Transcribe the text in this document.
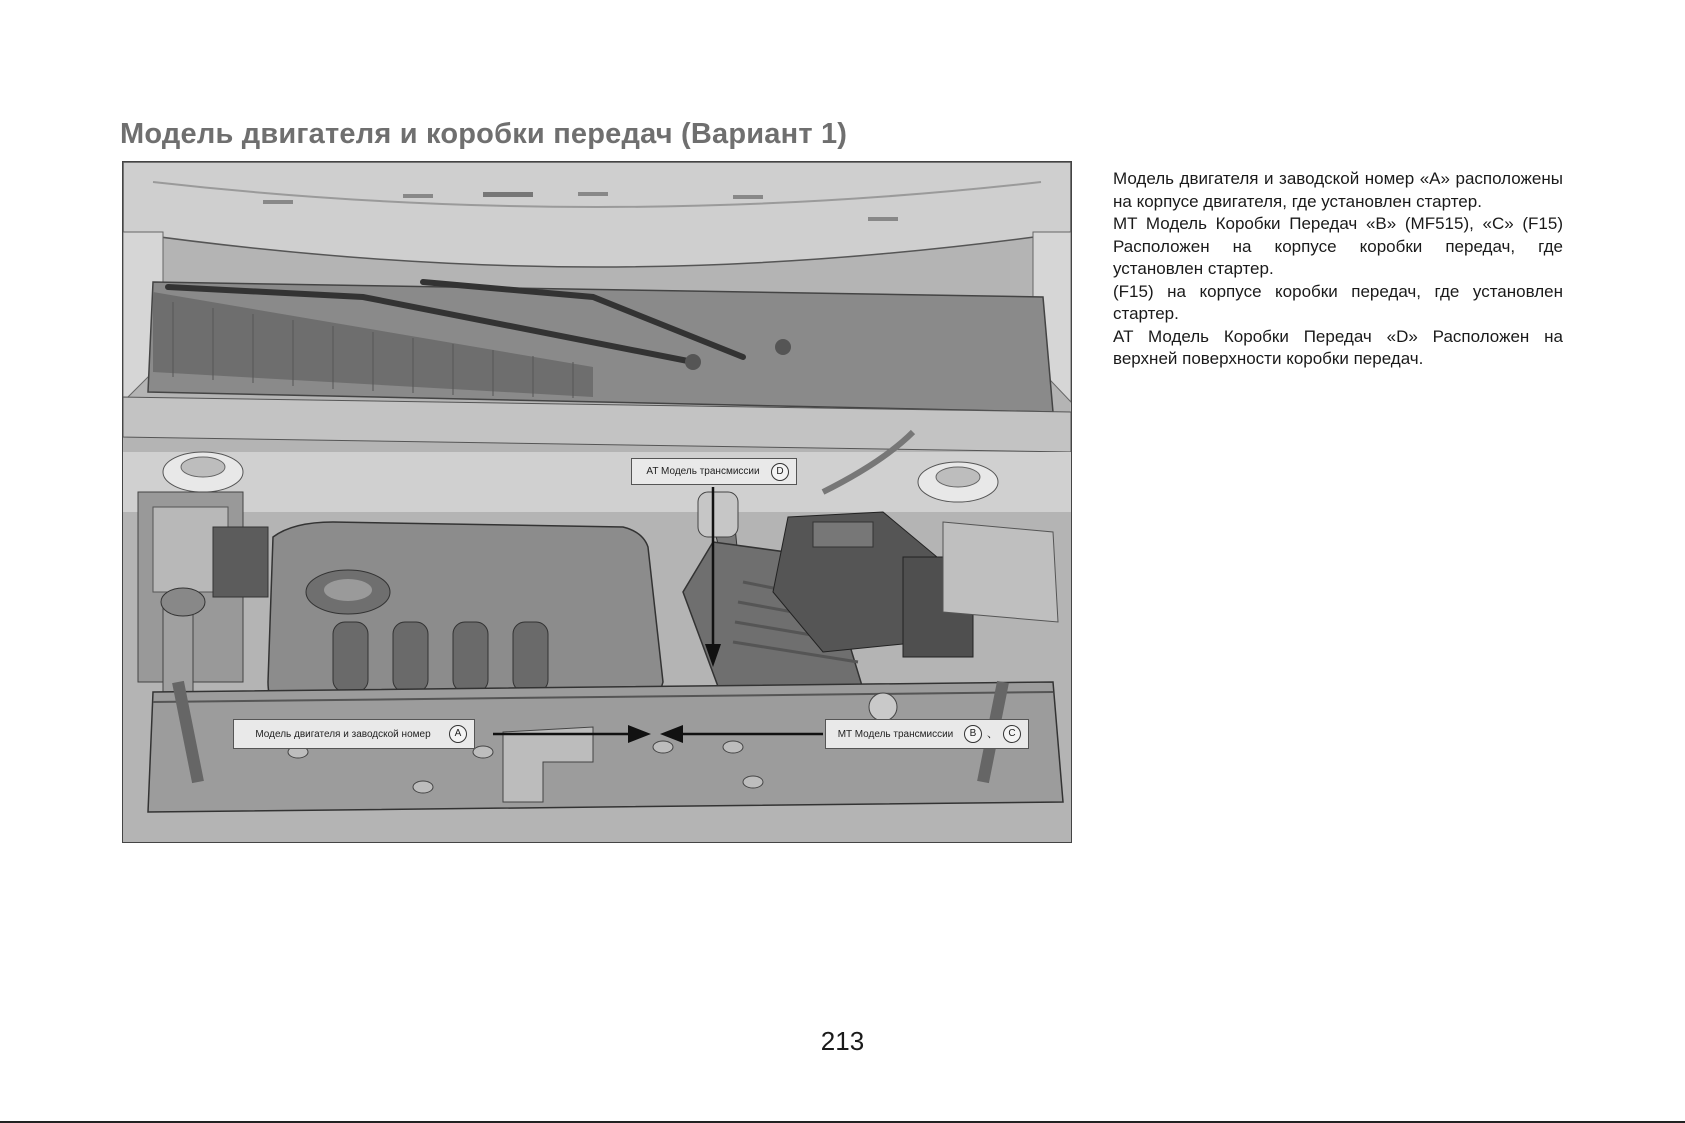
Модель двигателя и коробки передач (Вариант 1)
AT Модель трансмиссии	D
Модель двигателя и заводской номер	A	MT Модель трансмиссии	B 、	C

Модель двигателя и заводской номер «A» расположены на корпусе двигателя, где установлен стартер.

MT Модель Коробки Передач «B» (MF515), «C» (F15) Расположен на корпусе коробки передач, где установлен стартер.

(F15) на корпусе коробки передач, где установлен стартер.

AT Модель Коробки Передач «D» Расположен на верхней поверхности коробки передач.

213
